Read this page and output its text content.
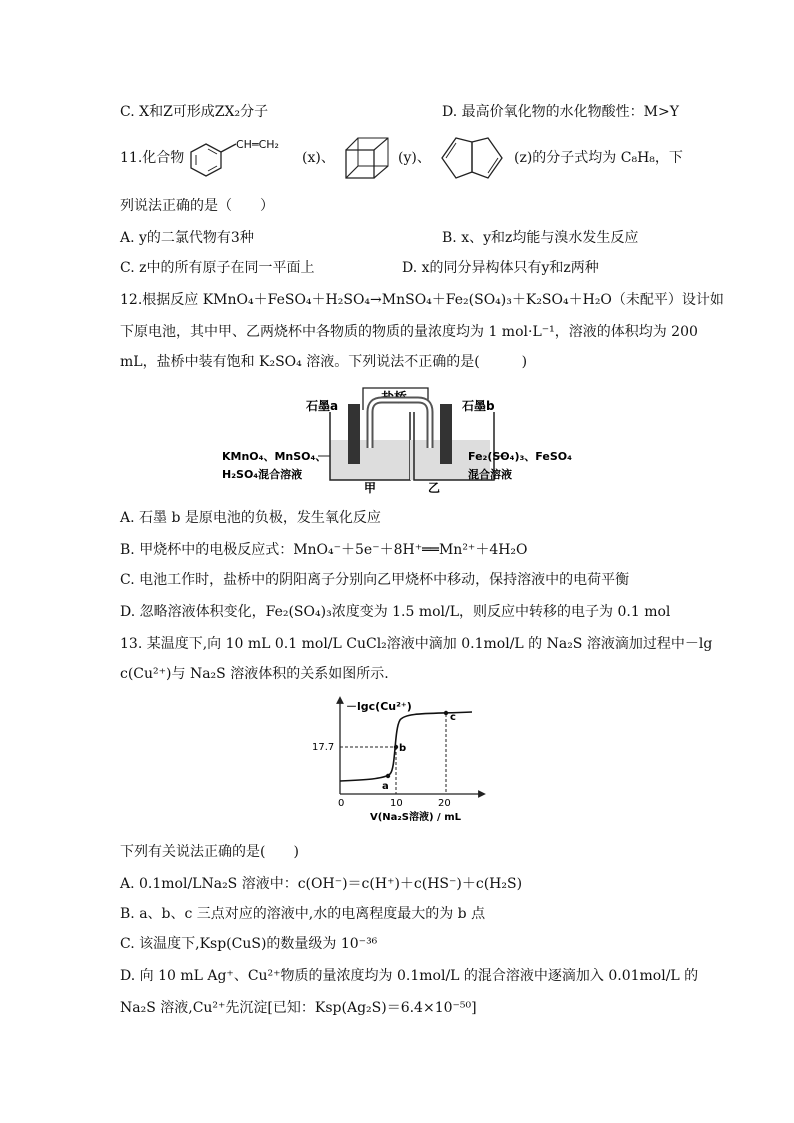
C. X和Z可形成ZX₂分子	D. 最高价氧化物的水化物酸性：M>Y
11.化合物
CH═CH₂
(x)、	(y)、	(z)的分子式均为 C₈H₈，下
列说法正确的是（　　）
A. y的二氯代物有3种	B. x、y和z均能与溴水发生反应
C. z中的所有原子在同一平面上	D. x的同分异构体只有y和z两种
12.根据反应 KMnO₄＋FeSO₄＋H₂SO₄→MnSO₄＋Fe₂(SO₄)₃＋K₂SO₄＋H₂O（未配平）设计如
下原电池，其中甲、乙两烧杯中各物质的物质的量浓度均为 1 mol·L⁻¹，溶液的体积均为 200
mL，盐桥中装有饱和 K₂SO₄ 溶液。下列说法不正确的是(　　　)
盐桥
石墨a	石墨b
KMnO₄、MnSO₄、
H₂SO₄混合溶液
Fe₂(SO₄)₃、FeSO₄
混合溶液
甲	乙
A. 石墨 b 是原电池的负极，发生氧化反应
B. 甲烧杯中的电极反应式：MnO₄⁻＋5e⁻＋8H⁺══Mn²⁺＋4H₂O
C. 电池工作时，盐桥中的阴阳离子分别向乙甲烧杯中移动，保持溶液中的电荷平衡
D. 忽略溶液体积变化，Fe₂(SO₄)₃浓度变为 1.5 mol/L，则反应中转移的电子为 0.1 mol
13. 某温度下,向 10 mL 0.1 mol/L CuCl₂溶液中滴加 0.1mol/L 的 Na₂S 溶液滴加过程中－lg
c(Cu²⁺)与 Na₂S 溶液体积的关系如图所示.
－lgc(Cu²⁺)
V(Na₂S溶液) / mL
0	10	20
17.7
a
b
c
下列有关说法正确的是(　　)
A. 0.1mol/LNa₂S 溶液中：c(OH⁻)＝c(H⁺)＋c(HS⁻)＋c(H₂S)
B. a、b、c 三点对应的溶液中,水的电离程度最大的为 b 点
C. 该温度下,Ksp(CuS)的数量级为 10⁻³⁶
D. 向 10 mL Ag⁺、Cu²⁺物质的量浓度均为 0.1mol/L 的混合溶液中逐滴加入 0.01mol/L 的
Na₂S 溶液,Cu²⁺先沉淀[已知：Ksp(Ag₂S)＝6.4×10⁻⁵⁰]
